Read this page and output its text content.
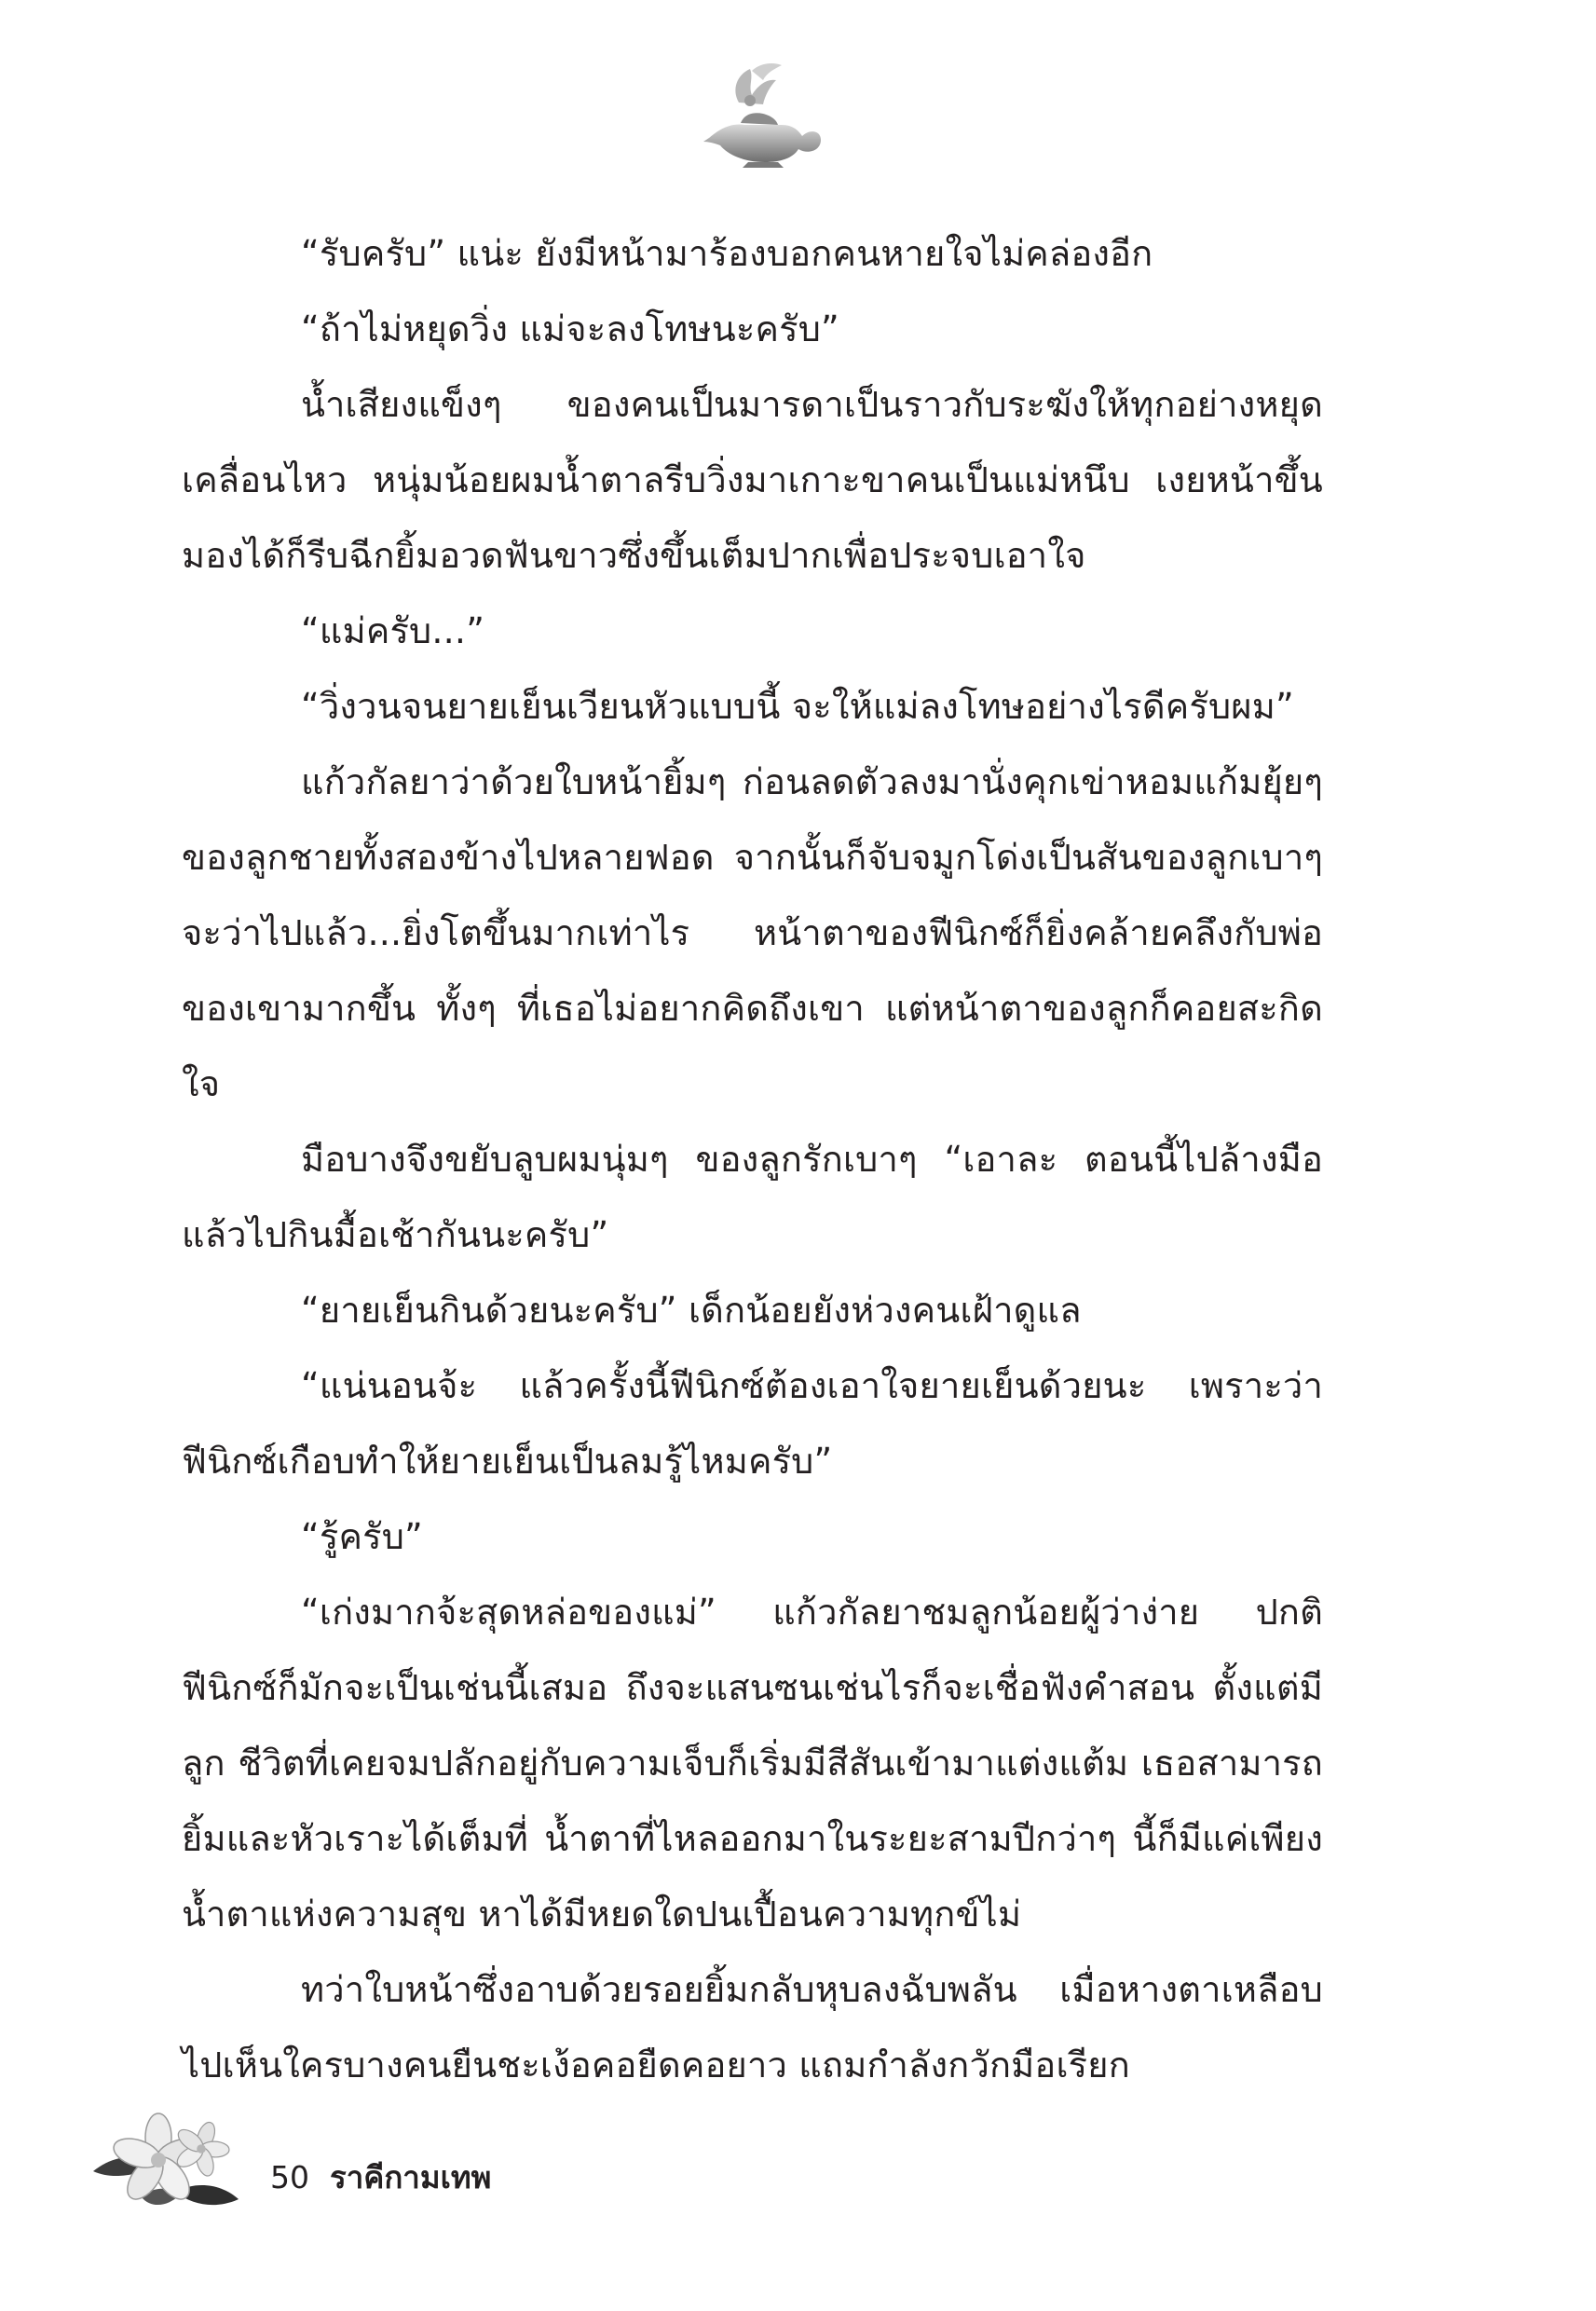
“รับครับ” แน่ะ ยังมีหน้ามาร้องบอกคนหายใจไม่คล่องอีก

“ถ้าไม่หยุดวิ่ง แม่จะลงโทษนะครับ”

น้ำเสียงแข็งๆ ของคนเป็นมารดาเป็นราวกับระฆังให้ทุกอย่างหยุดเคลื่อนไหว หนุ่มน้อยผมน้ำตาลรีบวิ่งมาเกาะขาคนเป็นแม่หนึบ เงยหน้าขึ้นมองได้ก็รีบฉีกยิ้มอวดฟันขาวซึ่งขึ้นเต็มปากเพื่อประจบเอาใจ

“แม่ครับ...”

“วิ่งวนจนยายเย็นเวียนหัวแบบนี้ จะให้แม่ลงโทษอย่างไรดีครับผม”

แก้วกัลยาว่าด้วยใบหน้ายิ้มๆ ก่อนลดตัวลงมานั่งคุกเข่าหอมแก้มยุ้ยๆ ของลูกชายทั้งสองข้างไปหลายฟอด จากนั้นก็จับจมูกโด่งเป็นสันของลูกเบาๆ จะว่าไปแล้ว...ยิ่งโตขึ้นมากเท่าไร หน้าตาของฟีนิกซ์ก็ยิ่งคล้ายคลึงกับพ่อของเขามากขึ้น ทั้งๆ ที่เธอไม่อยากคิดถึงเขา แต่หน้าตาของลูกก็คอยสะกิดใจ

มือบางจึงขยับลูบผมนุ่มๆ ของลูกรักเบาๆ “เอาละ ตอนนี้ไปล้างมือแล้วไปกินมื้อเช้ากันนะครับ”

“ยายเย็นกินด้วยนะครับ” เด็กน้อยยังห่วงคนเฝ้าดูแล

“แน่นอนจ้ะ แล้วครั้งนี้ฟีนิกซ์ต้องเอาใจยายเย็นด้วยนะ เพราะว่าฟีนิกซ์เกือบทำให้ยายเย็นเป็นลมรู้ไหมครับ”

“รู้ครับ”

“เก่งมากจ้ะสุดหล่อของแม่” แก้วกัลยาชมลูกน้อยผู้ว่าง่าย ปกติฟีนิกซ์ก็มักจะเป็นเช่นนี้เสมอ ถึงจะแสนซนเช่นไรก็จะเชื่อฟังคำสอน ตั้งแต่มีลูก ชีวิตที่เคยจมปลักอยู่กับความเจ็บก็เริ่มมีสีสันเข้ามาแต่งแต้ม เธอสามารถยิ้มและหัวเราะได้เต็มที่ น้ำตาที่ไหลออกมาในระยะสามปีกว่าๆ นี้ก็มีแค่เพียงน้ำตาแห่งความสุข หาได้มีหยดใดปนเปื้อนความทุกข์ไม่

ทว่าใบหน้าซึ่งอาบด้วยรอยยิ้มกลับหุบลงฉับพลัน เมื่อหางตาเหลือบไปเห็นใครบางคนยืนชะเง้อคอยืดคอยาว แถมกำลังกวักมือเรียก

50 ราคีกามเทพ
